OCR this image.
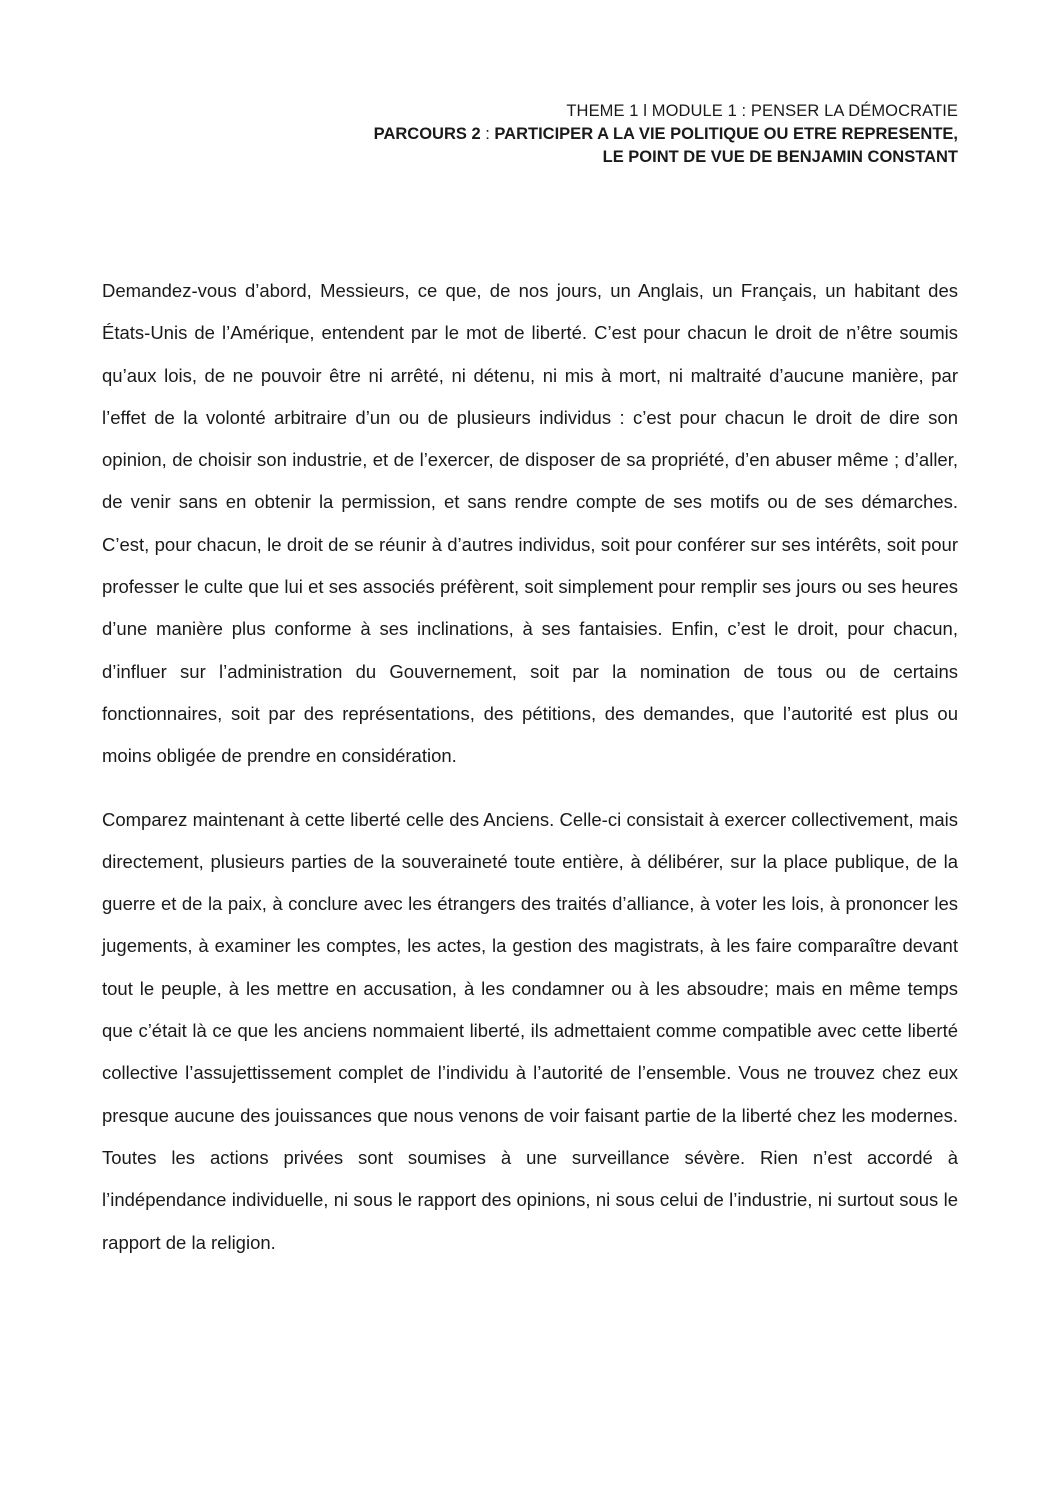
THEME 1 l MODULE 1 : PENSER LA DÉMOCRATIE
PARCOURS 2 : PARTICIPER A LA VIE POLITIQUE OU ETRE REPRESENTE,
LE POINT DE VUE DE BENJAMIN CONSTANT

Demandez-vous d’abord, Messieurs, ce que, de nos jours, un Anglais, un Français, un habitant des États-Unis de l’Amérique, entendent par le mot de liberté. C’est pour chacun le droit de n’être soumis qu’aux lois, de ne pouvoir être ni arrêté, ni détenu, ni mis à mort, ni maltraité d’aucune manière, par l’effet de la volonté arbitraire d’un ou de plusieurs individus : c’est pour chacun le droit de dire son opinion, de choisir son industrie, et de l’exercer, de disposer de sa propriété, d’en abuser même ; d’aller, de venir sans en obtenir la permission, et sans rendre compte de ses motifs ou de ses démarches. C’est, pour chacun, le droit de se réunir à d’autres individus, soit pour conférer sur ses intérêts, soit pour professer le culte que lui et ses associés préfèrent, soit simplement pour remplir ses jours ou ses heures d’une manière plus conforme à ses inclinations, à ses fantaisies. Enfin, c’est le droit, pour chacun, d’influer sur l’administration du Gouvernement, soit par la nomination de tous ou de certains fonctionnaires, soit par des représentations, des pétitions, des demandes, que l’autorité est plus ou moins obligée de prendre en considération.

Comparez maintenant à cette liberté celle des Anciens. Celle-ci consistait à exercer collectivement, mais directement, plusieurs parties de la souveraineté toute entière, à délibérer, sur la place publique, de la guerre et de la paix, à conclure avec les étrangers des traités d’alliance, à voter les lois, à prononcer les jugements, à examiner les comptes, les actes, la gestion des magistrats, à les faire comparaître devant tout le peuple, à les mettre en accusation, à les condamner ou à les absoudre; mais en même temps que c’était là ce que les anciens nommaient liberté, ils admettaient comme compatible avec cette liberté collective l’assujettissement complet de l’individu à l’autorité de l’ensemble. Vous ne trouvez chez eux presque aucune des jouissances que nous venons de voir faisant partie de la liberté chez les modernes. Toutes les actions privées sont soumises à une surveillance sévère. Rien n’est accordé à l’indépendance individuelle, ni sous le rapport des opinions, ni sous celui de l’industrie, ni surtout sous le rapport de la religion.
